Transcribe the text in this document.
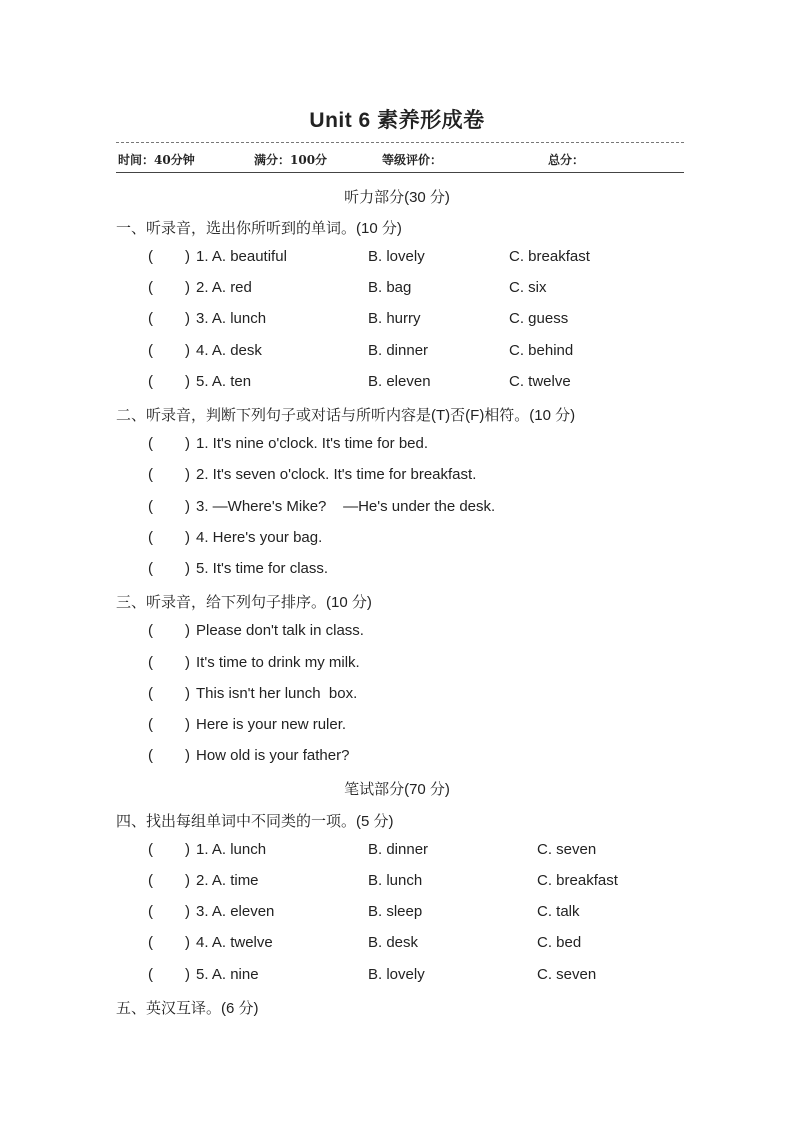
Unit 6 素养形成卷
时间：40分钟	满分：100分	等级评价：	总分：
听力部分(30 分)
一、听录音，选出你所听到的单词。(10 分)
( ) 1. A. beautiful	B. lovely	C. breakfast
( ) 2. A. red	B. bag	C. six
( ) 3. A. lunch	B. hurry	C. guess
( ) 4. A. desk	B. dinner	C. behind
( ) 5. A. ten	B. eleven	C. twelve
二、听录音，判断下列句子或对话与所听内容是(T)否(F)相符。(10 分)
( ) 1. It's nine o'clock. It's time for bed.
( ) 2. It's seven o'clock. It's time for breakfast.
( ) 3. —Where's Mike?    —He's under the desk.
( ) 4. Here's your bag.
( ) 5. It's time for class.
三、听录音，给下列句子排序。(10 分)
( ) Please don't talk in class.
( ) It's time to drink my milk.
( ) This isn't her lunch  box.
( ) Here is your new ruler.
( ) How old is your father?
笔试部分(70 分)
四、找出每组单词中不同类的一项。(5 分)
( ) 1. A. lunch	B. dinner	C. seven
( ) 2. A. time	B. lunch	C. breakfast
( ) 3. A. eleven	B. sleep	C. talk
( ) 4. A. twelve	B. desk	C. bed
( ) 5. A. nine	B. lovely	C. seven
五、英汉互译。(6 分)
